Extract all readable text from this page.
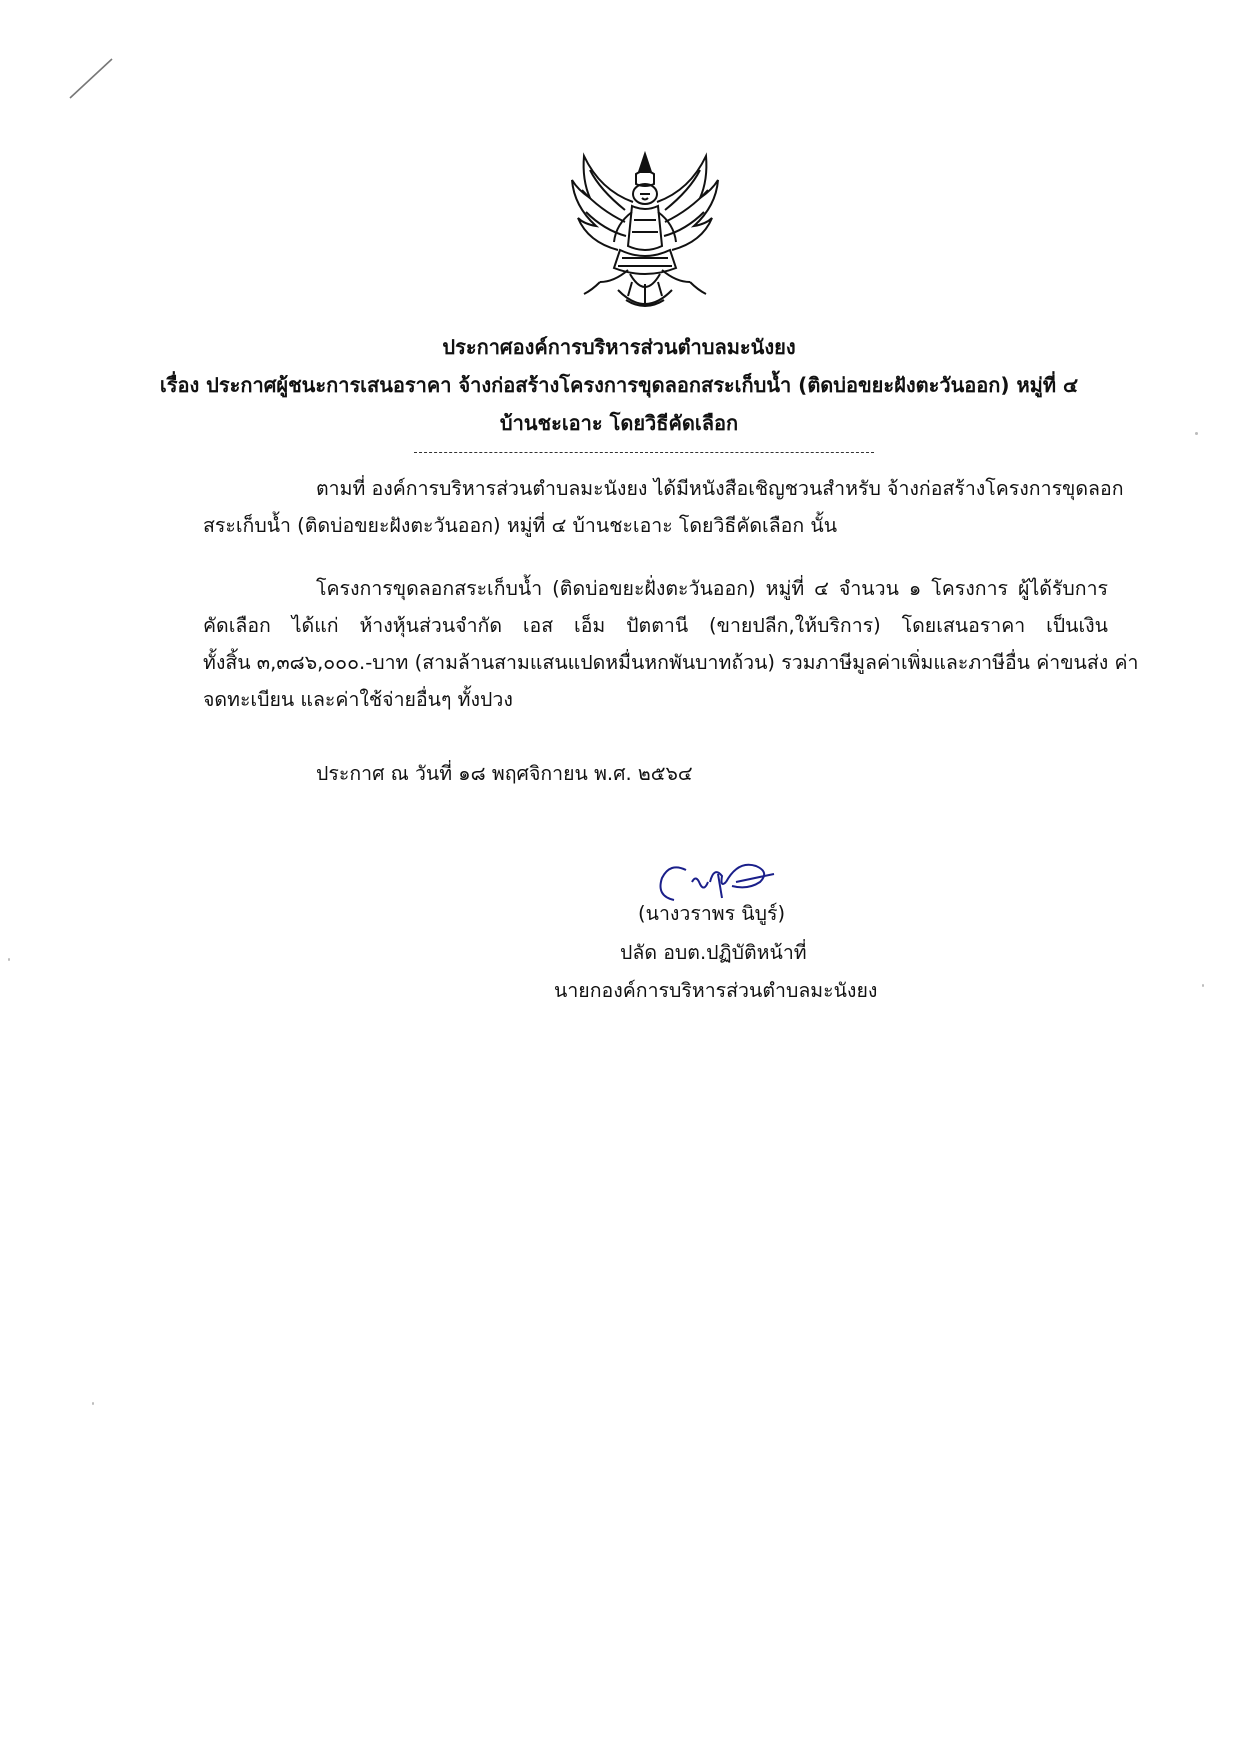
ประกาศองค์การบริหารส่วนตำบลมะนังยง
เรื่อง ประกาศผู้ชนะการเสนอราคา จ้างก่อสร้างโครงการขุดลอกสระเก็บน้ำ (ติดบ่อขยะฝังตะวันออก) หมู่ที่ ๔
บ้านชะเอาะ โดยวิธีคัดเลือก
ตามที่ องค์การบริหารส่วนตำบลมะนังยง ได้มีหนังสือเชิญชวนสำหรับ จ้างก่อสร้างโครงการขุดลอก
สระเก็บน้ำ (ติดบ่อขยะฝังตะวันออก) หมู่ที่ ๔ บ้านชะเอาะ โดยวิธีคัดเลือก นั้น
โครงการขุดลอกสระเก็บน้ำ (ติดบ่อขยะฝั่งตะวันออก) หมู่ที่ ๔ จำนวน ๑ โครงการ ผู้ได้รับการ
คัดเลือก ได้แก่ ห้างหุ้นส่วนจำกัด เอส เอ็ม ปัตตานี (ขายปลีก,ให้บริการ) โดยเสนอราคา เป็นเงิน
ทั้งสิ้น ๓,๓๘๖,๐๐๐.-บาท (สามล้านสามแสนแปดหมื่นหกพันบาทถ้วน) รวมภาษีมูลค่าเพิ่มและภาษีอื่น ค่าขนส่ง ค่า
จดทะเบียน และค่าใช้จ่ายอื่นๆ ทั้งปวง
ประกาศ ณ วันที่ ๑๘ พฤศจิกายน พ.ศ. ๒๕๖๔
(นางวราพร นิบูร์)
ปลัด อบต.ปฏิบัติหน้าที่
นายกองค์การบริหารส่วนตำบลมะนังยง
